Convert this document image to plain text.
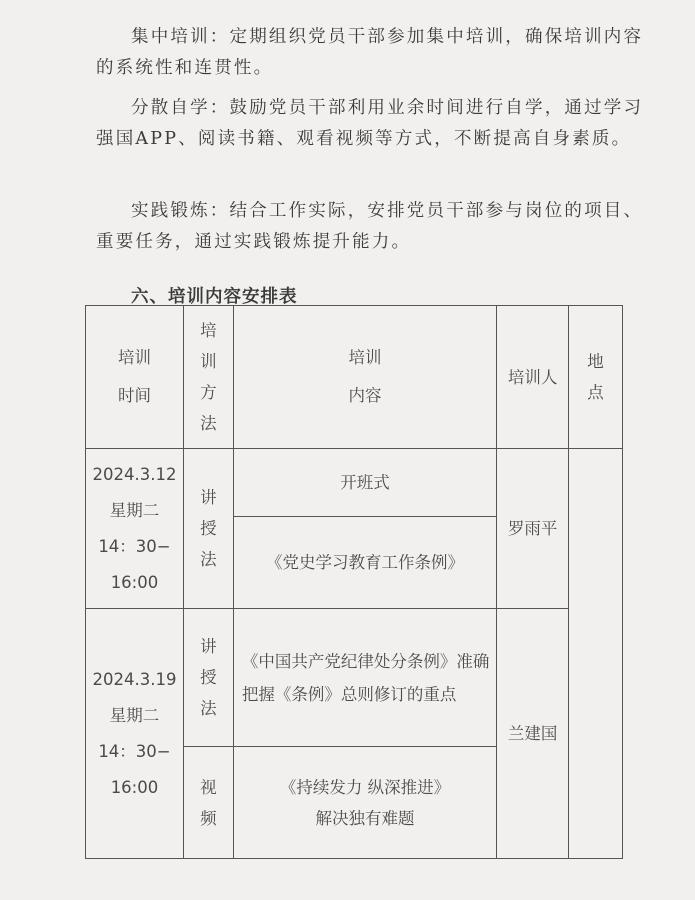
集中培训：定期组织党员干部参加集中培训，确保培训内容的系统性和连贯性。

分散自学：鼓励党员干部利用业余时间进行自学，通过学习强国APP、阅读书籍、观看视频等方式，不断提高自身素质。

实践锻炼：结合工作实际，安排党员干部参与岗位的项目、重要任务，通过实践锻炼提升能力。

六、培训内容安排表
培训时间	培训方法	培训内容	培训人	地点

2024.3.12
星期二
14：30−
16:00	讲授法	开班式	罗雨平	
		《党史学习教育工作条例》		

2024.3.19
星期二
14：30−
16:00	讲授法	《中国共产党纪律处分条例》准确把握《条例》总则修订的重点	兰建国	
	视频	《持续发力 纵深推进》
解决独有难题		
